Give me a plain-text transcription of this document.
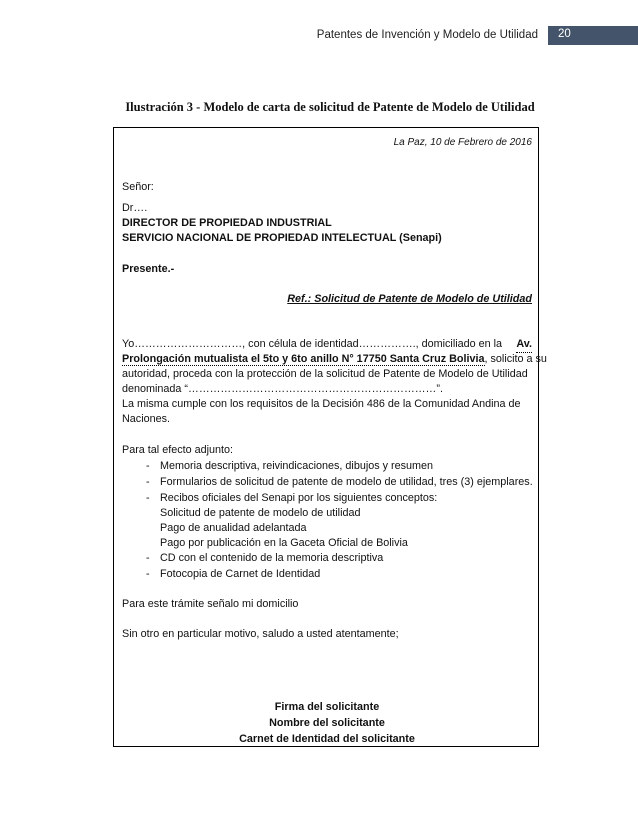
Patentes de Invención y Modelo de Utilidad	20
Ilustración 3 - Modelo de carta de solicitud de Patente de Modelo de Utilidad
La Paz, 10 de Febrero de 2016
Señor:
Dr….
DIRECTOR DE PROPIEDAD INDUSTRIAL
SERVICIO NACIONAL DE PROPIEDAD INTELECTUAL (Senapi)
Presente.-
Ref.: Solicitud de Patente de Modelo de Utilidad
Yo…………………………, con célula de identidad……………., domiciliado en la Av.
Prolongación mutualista el 5to y 6to anillo N° 17750 Santa Cruz Bolivia, solicito a su
autoridad, proceda con la protección de la solicitud de Patente de Modelo de Utilidad
denominada “……………………………………………………………”.
La misma cumple con los requisitos de la Decisión 486 de la Comunidad Andina de
Naciones.
Para tal efecto adjunto:
- Memoria descriptiva, reivindicaciones, dibujos y resumen
- Formularios de solicitud de patente de modelo de utilidad, tres (3) ejemplares.
- Recibos oficiales del Senapi por los siguientes conceptos:
Solicitud de patente de modelo de utilidad
Pago de anualidad adelantada
Pago por publicación en la Gaceta Oficial de Bolivia
- CD con el contenido de la memoria descriptiva
- Fotocopia de Carnet de Identidad
Para este trámite señalo mi domicilio
Sin otro en particular motivo, saludo a usted atentamente;
Firma del solicitante
Nombre del solicitante
Carnet de Identidad del solicitante
